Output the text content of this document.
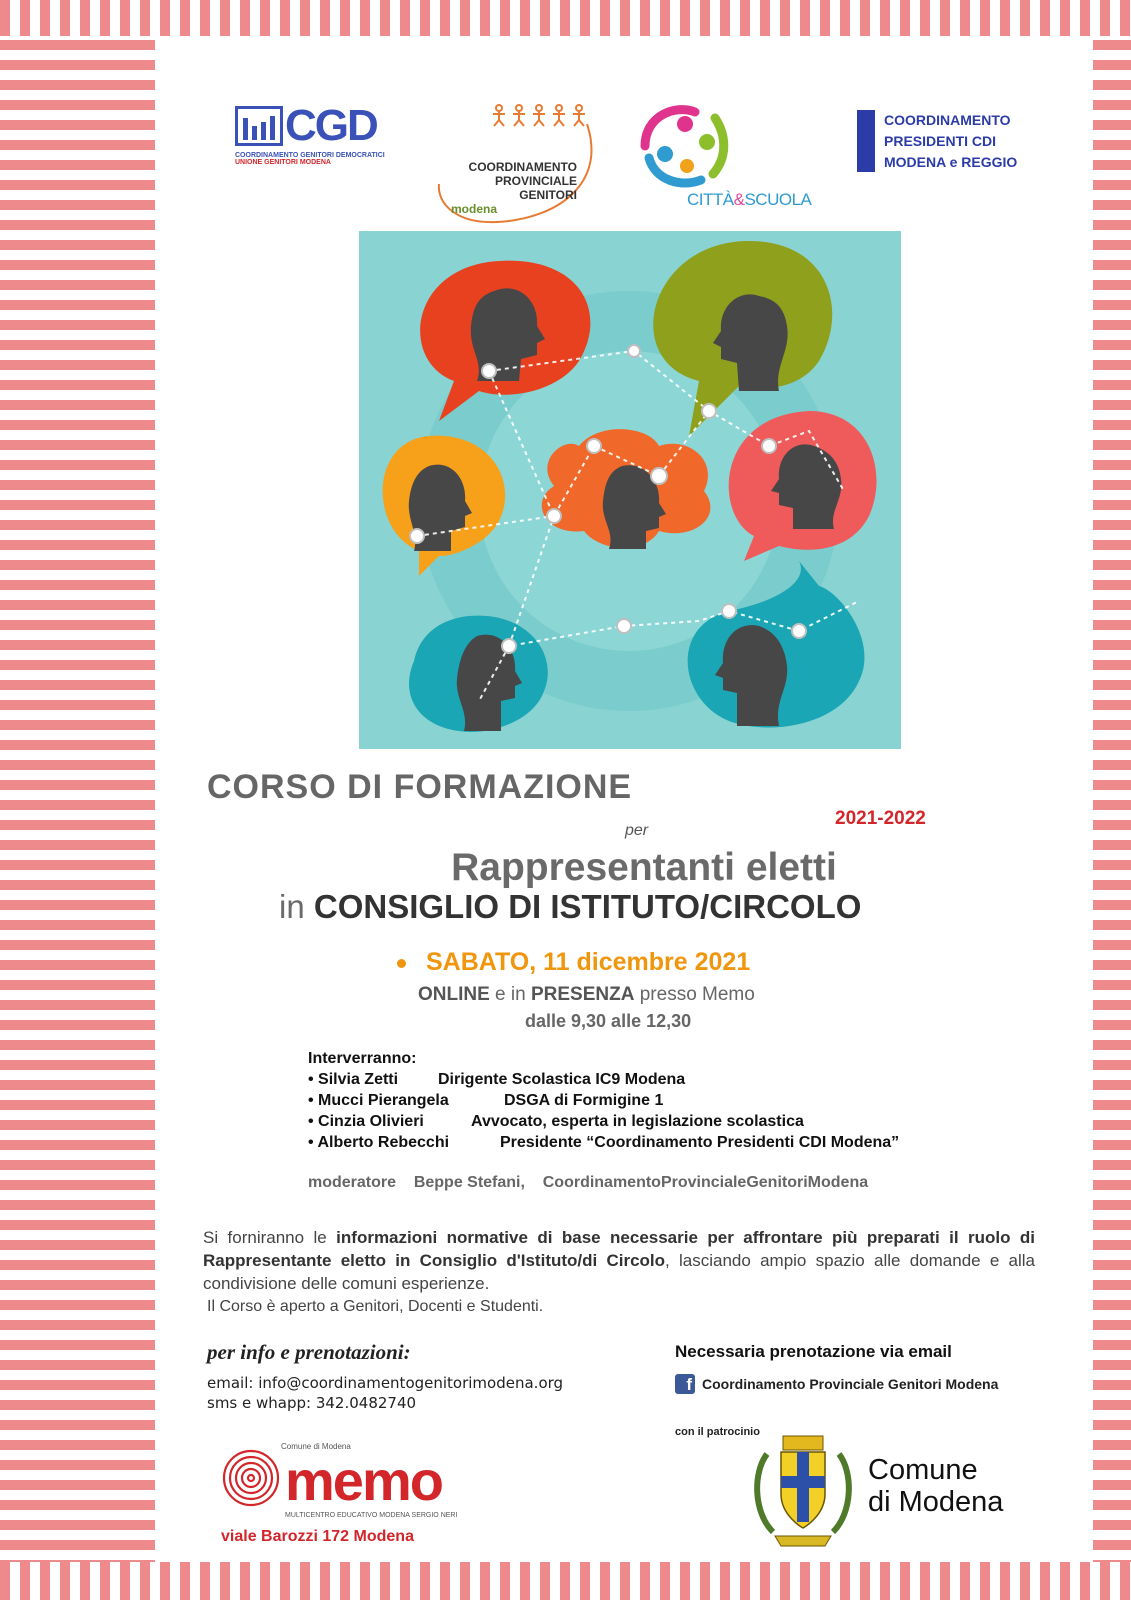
CGD
COORDINAMENTO GENITORI DEMOCRATICI
UNIONE GENITORI MODENA	COORDINAMENTO
PROVINCIALE
GENITORI
modena	CITTÀ&SCUOLA
COORDINAMENTO
PRESIDENTI CDI
MODENA e REGGIO
CORSO DI FORMAZIONE
2021-2022
per
Rappresentanti eletti
in CONSIGLIO DI ISTITUTO/CIRCOLO
SABATO, 11 dicembre 2021
ONLINE e in PRESENZA presso Memo
dalle 9,30 alle 12,30
Interverranno:
• Silvia Zetti Dirigente Scolastica IC9 Modena
• Mucci Pierangela	DSGA di Formigine 1
• Cinzia Olivieri	Avvocato, esperta in legislazione scolastica
• Alberto Rebecchi	Presidente “Coordinamento Presidenti CDI Modena”
moderatore Beppe Stefani, CoordinamentoProvincialeGenitoriModena
Si forniranno le informazioni normative di base necessarie per affrontare più preparati il ruolo di Rappresentante eletto in Consiglio d'Istituto/di Circolo, lasciando ampio spazio alle domande e alla condivisione delle comuni esperienze.
Il Corso è aperto a Genitori, Docenti e Studenti.
per info e prenotazioni:
email: info@coordinamentogenitorimodena.org
sms e whapp: 342.0482740
Necessaria prenotazione via email
f Coordinamento Provinciale Genitori Modena
Comune di Modena
memo
MULTICENTRO EDUCATIVO MODENA SERGIO NERI
viale Barozzi 172 Modena
con il patrocinio
Comune
di Modena
